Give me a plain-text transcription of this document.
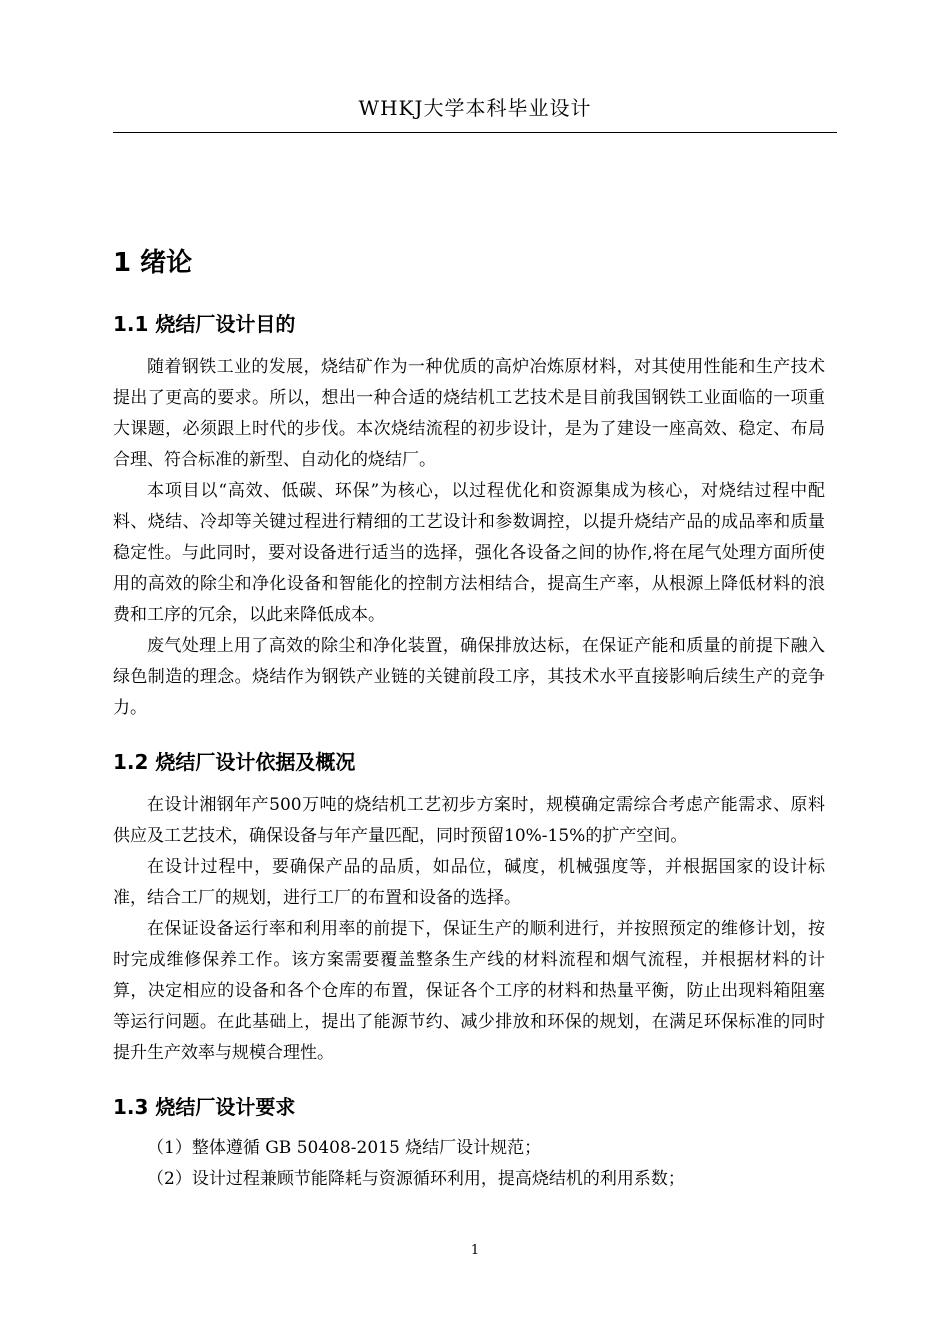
WHKJ大学本科毕业设计
1 绪论
1.1 烧结厂设计目的

随着钢铁工业的发展，烧结矿作为一种优质的高炉冶炼原材料，对其使用性能和生产技术提出了更高的要求。所以，想出一种合适的烧结机工艺技术是目前我国钢铁工业面临的一项重大课题，必须跟上时代的步伐。本次烧结流程的初步设计，是为了建设一座高效、稳定、布局合理、符合标准的新型、自动化的烧结厂。

本项目以“高效、低碳、环保”为核心，以过程优化和资源集成为核心，对烧结过程中配料、烧结、冷却等关键过程进行精细的工艺设计和参数调控，以提升烧结产品的成品率和质量稳定性。与此同时，要对设备进行适当的选择，强化各设备之间的协作,将在尾气处理方面所使用的高效的除尘和净化设备和智能化的控制方法相结合，提高生产率，从根源上降低材料的浪费和工序的冗余，以此来降低成本。

废气处理上用了高效的除尘和净化装置，确保排放达标，在保证产能和质量的前提下融入绿色制造的理念。烧结作为钢铁产业链的关键前段工序，其技术水平直接影响后续生产的竞争力。

1.2 烧结厂设计依据及概况

在设计湘钢年产500万吨的烧结机工艺初步方案时，规模确定需综合考虑产能需求、原料供应及工艺技术，确保设备与年产量匹配，同时预留10%-15%的扩产空间。

在设计过程中，要确保产品的品质，如品位，碱度，机械强度等，并根据国家的设计标准，结合工厂的规划，进行工厂的布置和设备的选择。

在保证设备运行率和利用率的前提下，保证生产的顺利进行，并按照预定的维修计划，按时完成维修保养工作。该方案需要覆盖整条生产线的材料流程和烟气流程，并根据材料的计算，决定相应的设备和各个仓库的布置，保证各个工序的材料和热量平衡，防止出现料箱阻塞等运行问题。在此基础上，提出了能源节约、减少排放和环保的规划，在满足环保标准的同时提升生产效率与规模合理性。

1.3 烧结厂设计要求

（1）整体遵循 GB 50408-2015 烧结厂设计规范；

（2）设计过程兼顾节能降耗与资源循环利用，提高烧结机的利用系数；

1
